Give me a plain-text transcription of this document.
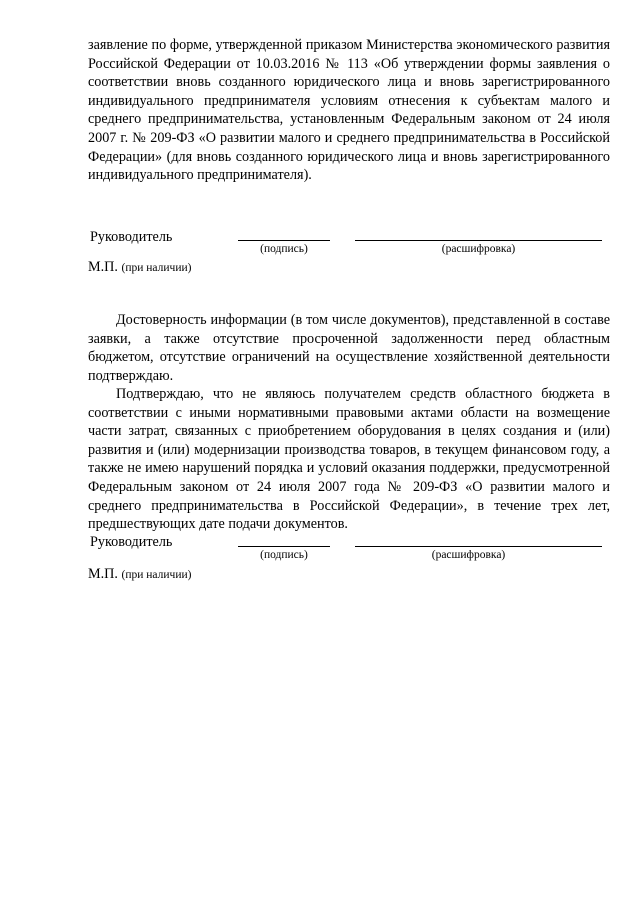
заявление по форме, утвержденной приказом Министерства экономического развития Российской Федерации от 10.03.2016 № 113 «Об утверждении формы заявления о соответствии вновь созданного юридического лица и вновь зарегистрированного индивидуального предпринимателя условиям отнесения к субъектам малого и среднего предпринимательства, установленным Федеральным законом от 24 июля 2007 г. № 209-ФЗ «О развитии малого и среднего предпринимательства в Российской Федерации» (для вновь созданного юридического лица и вновь зарегистрированного индивидуального предпринимателя).

Руководитель
(подпись)	(расшифровка)
М.П. (при наличии)

Достоверность информации (в том числе документов), представленной в составе заявки, а также отсутствие просроченной задолженности перед областным бюджетом, отсутствие ограничений на осуществление хозяйственной деятельности подтверждаю.

Подтверждаю, что не являюсь получателем средств областного бюджета в соответствии с иными нормативными правовыми актами области на возмещение части затрат, связанных с приобретением оборудования в целях создания и (или) развития и (или) модернизации производства товаров, в текущем финансовом году, а также не имею нарушений порядка и условий оказания поддержки, предусмотренной Федеральным законом от 24 июля 2007 года № 209-ФЗ «О развитии малого и среднего предпринимательства в Российской Федерации», в течение трех лет, предшествующих дате подачи документов.

Руководитель
(подпись)	(расшифровка)
М.П. (при наличии)
